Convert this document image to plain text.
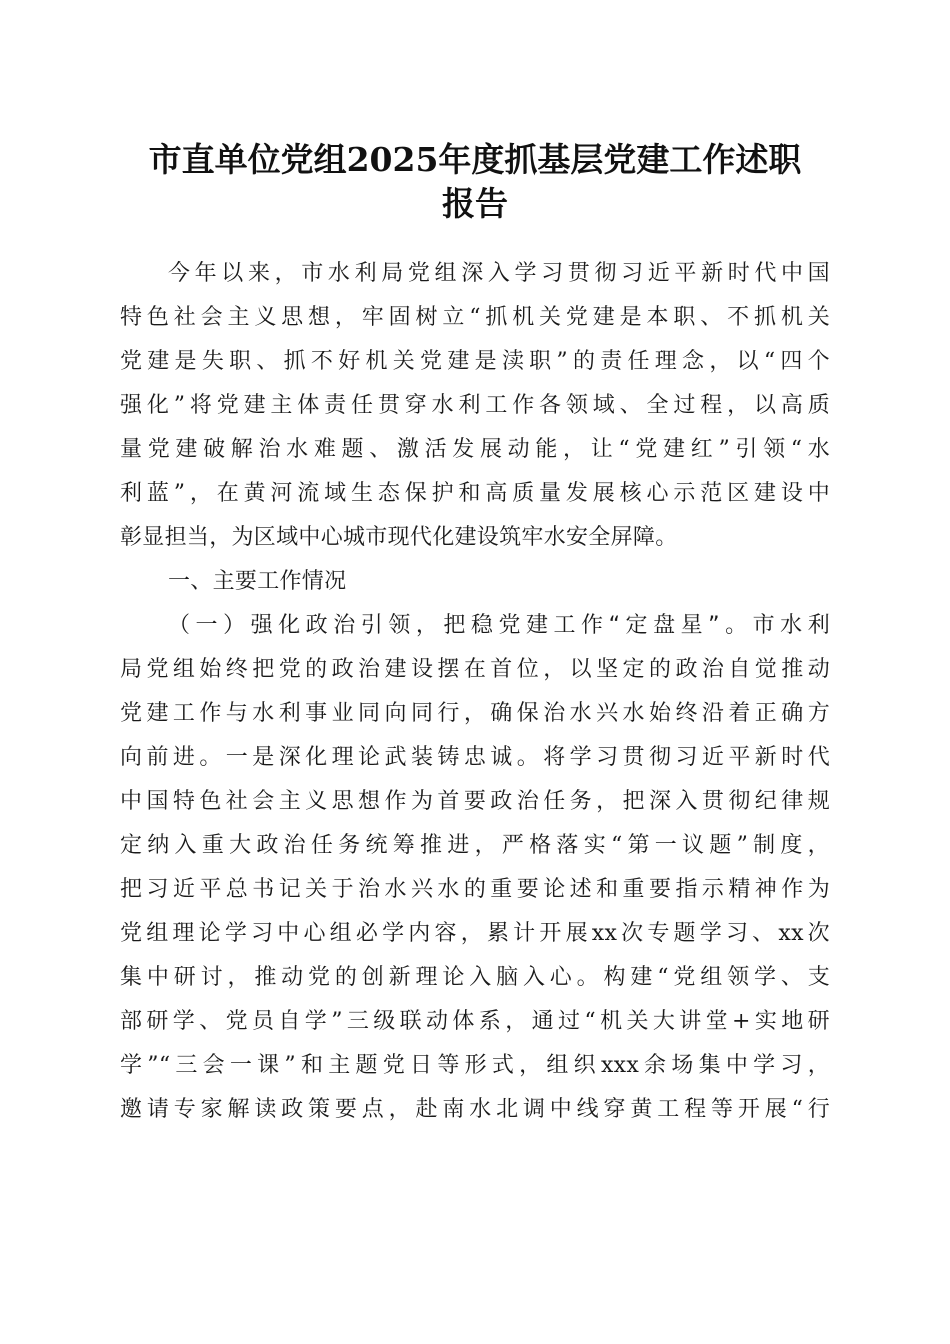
市直单位党组2025年度抓基层党建工作述职
报告
今年以来，市水利局党组深入学习贯彻习近平新时代中国
特色社会主义思想，牢固树立“抓机关党建是本职、不抓机关
党建是失职、抓不好机关党建是渎职”的责任理念，以“四个
强化”将党建主体责任贯穿水利工作各领域、全过程，以高质
量党建破解治水难题、激活发展动能，让“党建红”引领“水
利蓝”，在黄河流域生态保护和高质量发展核心示范区建设中
彰显担当，为区域中心城市现代化建设筑牢水安全屏障。
一、主要工作情况
（一）强化政治引领，把稳党建工作“定盘星”。市水利
局党组始终把党的政治建设摆在首位，以坚定的政治自觉推动
党建工作与水利事业同向同行，确保治水兴水始终沿着正确方
向前进。一是深化理论武装铸忠诚。将学习贯彻习近平新时代
中国特色社会主义思想作为首要政治任务，把深入贯彻纪律规
定纳入重大政治任务统筹推进，严格落实“第一议题”制度，
把习近平总书记关于治水兴水的重要论述和重要指示精神作为
党组理论学习中心组必学内容，累计开展xx次专题学习、xx次
集中研讨，推动党的创新理论入脑入心。构建“党组领学、支
部研学、党员自学”三级联动体系，通过“机关大讲堂+实地研
学”“三会一课”和主题党日等形式，组织xxx余场集中学习，
邀请专家解读政策要点，赴南水北调中线穿黄工程等开展“行
